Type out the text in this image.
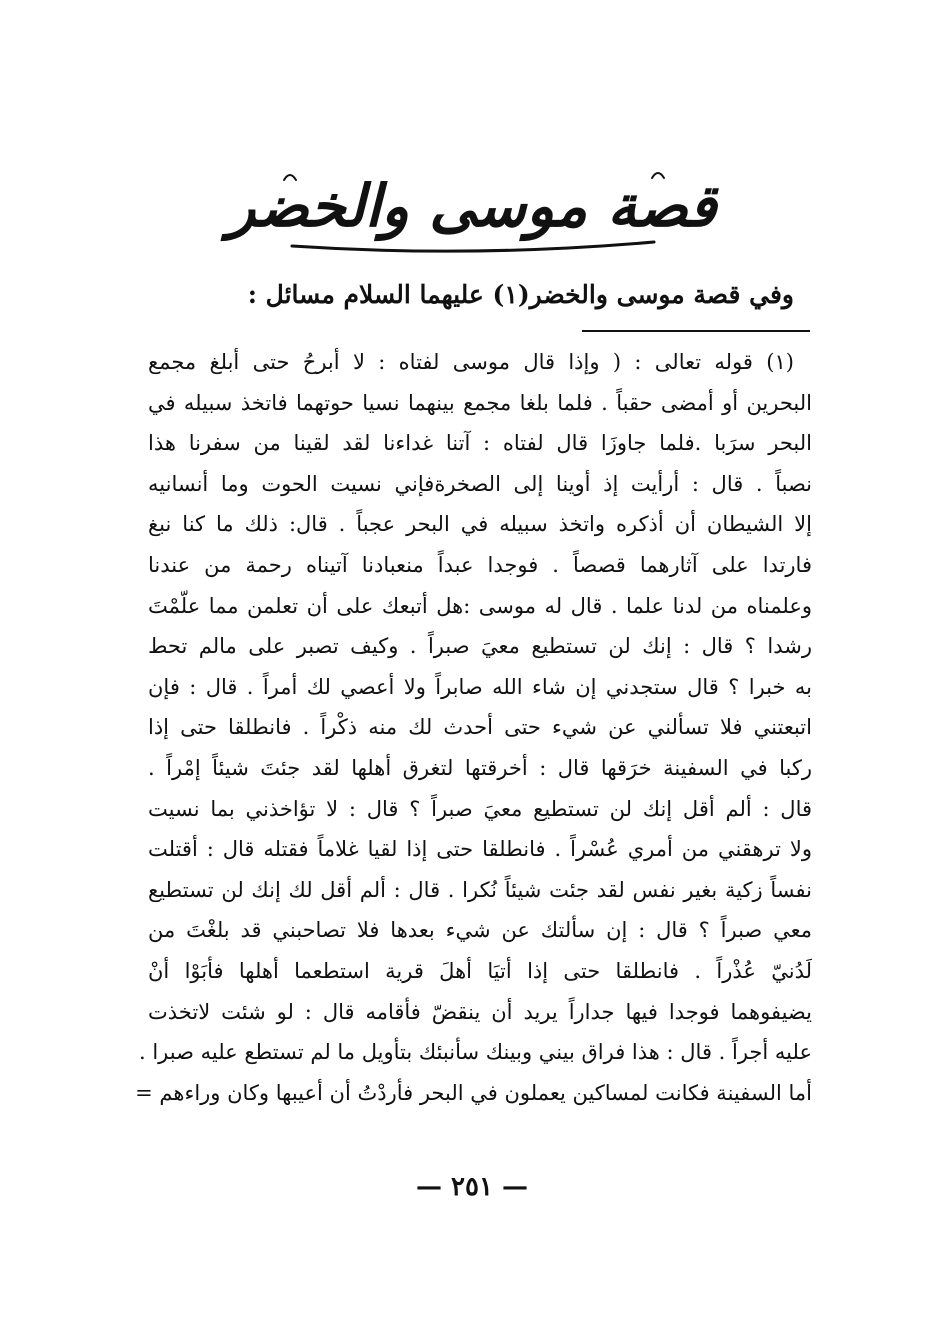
قصة موسى والخضر
وفي قصة موسى والخضر(١) عليهما السلام مسائل :
(١) قوله تعالى : ( وإذا قال موسى لفتاه : لا أبرحُ حتى أبلغ مجمع
البحرين أو أمضى حقباً . فلما بلغا مجمع بينهما نسيا حوتهما فاتخذ سبيله في
البحر سرَبا .فلما جاوزَا قال لفتاه : آتنا غداءنا لقد لقينا من سفرنا هذا
نصباً . قال : أرأيت إذ أوينا إلى الصخرةفإني نسيت الحوت وما أنسانيه
إلا الشيطان أن أذكره واتخذ سبيله في البحر عجباً . قال: ذلك ما كنا نبغ
فارتدا على آثارهما قصصاً . فوجدا عبداً منعبادنا آتيناه رحمة من عندنا
وعلمناه من لدنا علما . قال له موسى :هل أتبعك على أن تعلمن مما علّمْتَ
رشدا ؟ قال : إنك لن تستطيع معيَ صبراً . وكيف تصبر على مالم تحط
به خبرا ؟ قال ستجدني إن شاء الله صابراً ولا أعصي لك أمراً . قال : فإن
اتبعتني فلا تسألني عن شيء حتى أحدث لك منه ذكْراً . فانطلقا حتى إذا
ركبا في السفينة خرَقها قال : أخرقتها لتغرق أهلها لقد جئتَ شيئاً إمْراً .
قال : ألم أقل إنك لن تستطيع معيَ صبراً ؟ قال : لا تؤاخذني بما نسيت
ولا ترهقني من أمري عُسْراً . فانطلقا حتى إذا لقيا غلاماً فقتله قال : أقتلت
نفساً زكية بغير نفس لقد جئت شيئاً نُكرا . قال : ألم أقل لك إنك لن تستطيع
معي صبراً ؟ قال : إن سألتك عن شيء بعدها فلا تصاحبني قد بلغْتَ من
لَدُنيّ عُذْراً . فانطلقا حتى إذا أتيَا أهلَ قرية استطعما أهلها فأبَوْا أنْ
يضيفوهما فوجدا فيها جداراً يريد أن ينقضّ فأقامه قال : لو شئت لاتخذت
عليه أجراً . قال : هذا فراق بيني وبينك سأنبئك بتأويل ما لم تستطع عليه صبرا .
أما السفينة فكانت لمساكين يعملون في البحر فأردْتُ أن أعيبها وكان وراءهم =
— ٢٥١ —
